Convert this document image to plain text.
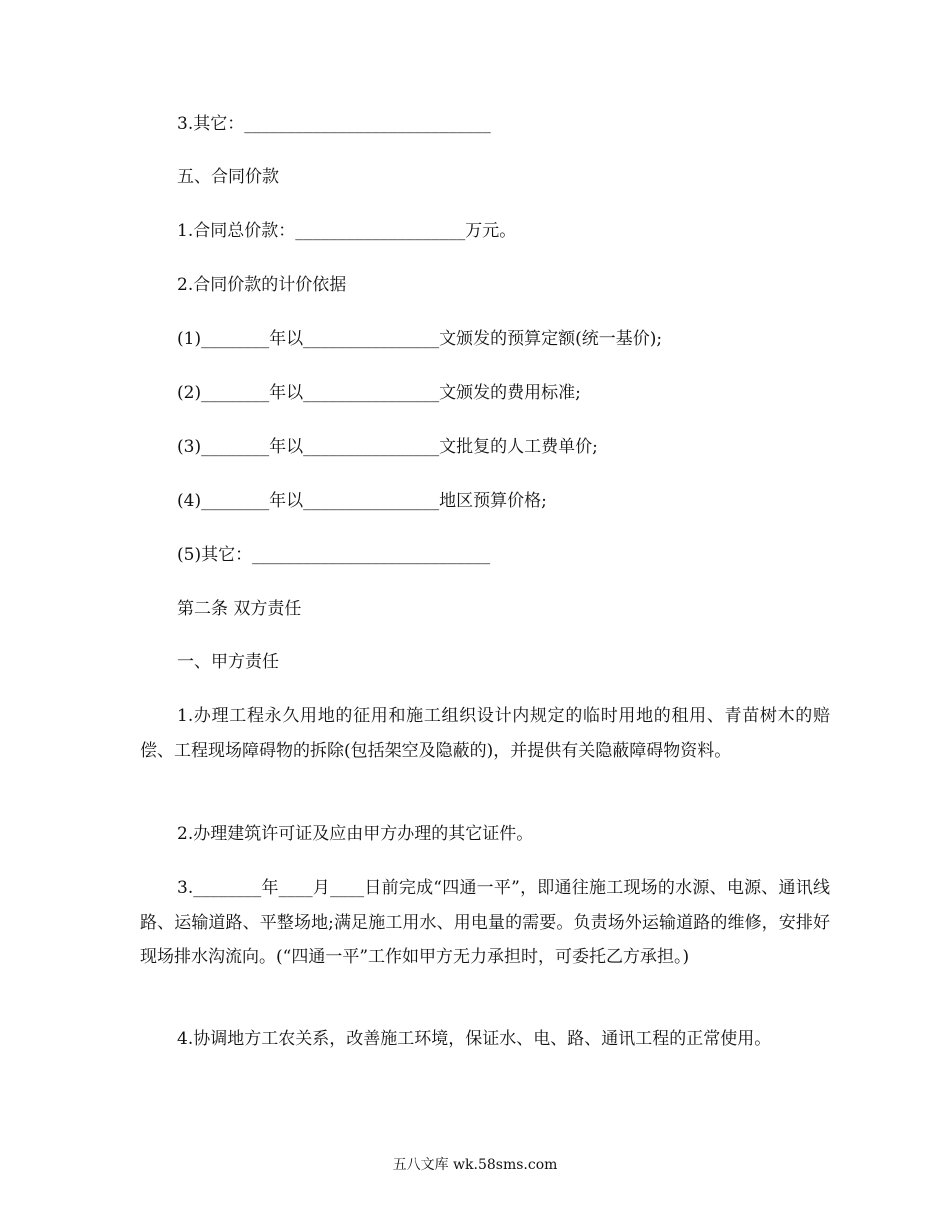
3.其它：_____________________________
五、合同价款
1.合同总价款：____________________万元。
2.合同价款的计价依据
(1)________年以________________文颁发的预算定额(统一基价);
(2)________年以________________文颁发的费用标准;
(3)________年以________________文批复的人工费单价;
(4)________年以________________地区预算价格;
(5)其它：____________________________
第二条 双方责任
一、甲方责任
1.办理工程永久用地的征用和施工组织设计内规定的临时用地的租用、青苗树木的赔偿、工程现场障碍物的拆除(包括架空及隐蔽的)，并提供有关隐蔽障碍物资料。
2.办理建筑许可证及应由甲方办理的其它证件。
3.________年____月____日前完成“四通一平”，即通往施工现场的水源、电源、通讯线路、运输道路、平整场地;满足施工用水、用电量的需要。负责场外运输道路的维修，安排好现场排水沟流向。(“四通一平”工作如甲方无力承担时，可委托乙方承担。)
4.协调地方工农关系，改善施工环境，保证水、电、路、通讯工程的正常使用。
五八文库 wk.58sms.com
